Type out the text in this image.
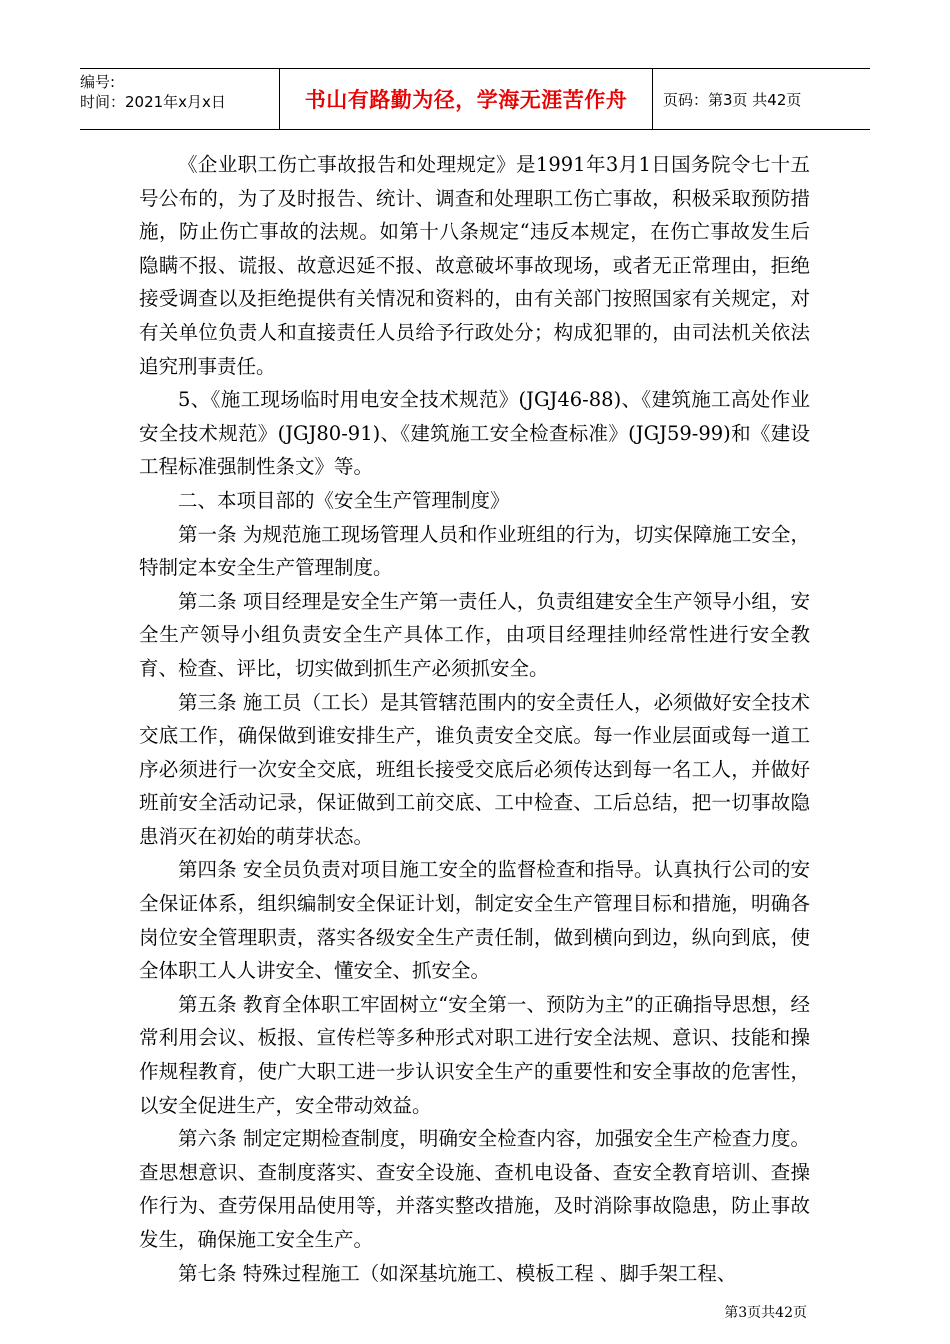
编号:
时间：2021年x月x日	书山有路勤为径，学海无涯苦作舟	页码：第3页 共42页

《企业职工伤亡事故报告和处理规定》是1991年3月1日国务院令七十五号公布的，为了及时报告、统计、调查和处理职工伤亡事故，积极采取预防措施，防止伤亡事故的法规。如第十八条规定“违反本规定，在伤亡事故发生后隐瞒不报、谎报、故意迟延不报、故意破坏事故现场，或者无正常理由，拒绝接受调查以及拒绝提供有关情况和资料的，由有关部门按照国家有关规定，对有关单位负责人和直接责任人员给予行政处分；构成犯罪的，由司法机关依法追究刑事责任。

5、《施工现场临时用电安全技术规范》(JGJ46-88)、《建筑施工高处作业安全技术规范》(JGJ80-91)、《建筑施工安全检查标准》(JGJ59-99)和《建设工程标准强制性条文》等。

二、本项目部的《安全生产管理制度》

第一条 为规范施工现场管理人员和作业班组的行为，切实保障施工安全，特制定本安全生产管理制度。

第二条 项目经理是安全生产第一责任人，负责组建安全生产领导小组，安全生产领导小组负责安全生产具体工作，由项目经理挂帅经常性进行安全教育、检查、评比，切实做到抓生产必须抓安全。

第三条 施工员（工长）是其管辖范围内的安全责任人，必须做好安全技术交底工作，确保做到谁安排生产，谁负责安全交底。每一作业层面或每一道工序必须进行一次安全交底，班组长接受交底后必须传达到每一名工人，并做好班前安全活动记录，保证做到工前交底、工中检查、工后总结，把一切事故隐患消灭在初始的萌芽状态。

第四条 安全员负责对项目施工安全的监督检查和指导。认真执行公司的安全保证体系，组织编制安全保证计划，制定安全生产管理目标和措施，明确各岗位安全管理职责，落实各级安全生产责任制，做到横向到边，纵向到底，使全体职工人人讲安全、懂安全、抓安全。

第五条 教育全体职工牢固树立“安全第一、预防为主”的正确指导思想，经常利用会议、板报、宣传栏等多种形式对职工进行安全法规、意识、技能和操作规程教育，使广大职工进一步认识安全生产的重要性和安全事故的危害性，以安全促进生产，安全带动效益。

第六条 制定定期检查制度，明确安全检查内容，加强安全生产检查力度。查思想意识、查制度落实、查安全设施、查机电设备、查安全教育培训、查操作行为、查劳保用品使用等，并落实整改措施，及时消除事故隐患，防止事故发生，确保施工安全生产。

第七条 特殊过程施工（如深基坑施工、模板工程 、脚手架工程、

第3页共42页
